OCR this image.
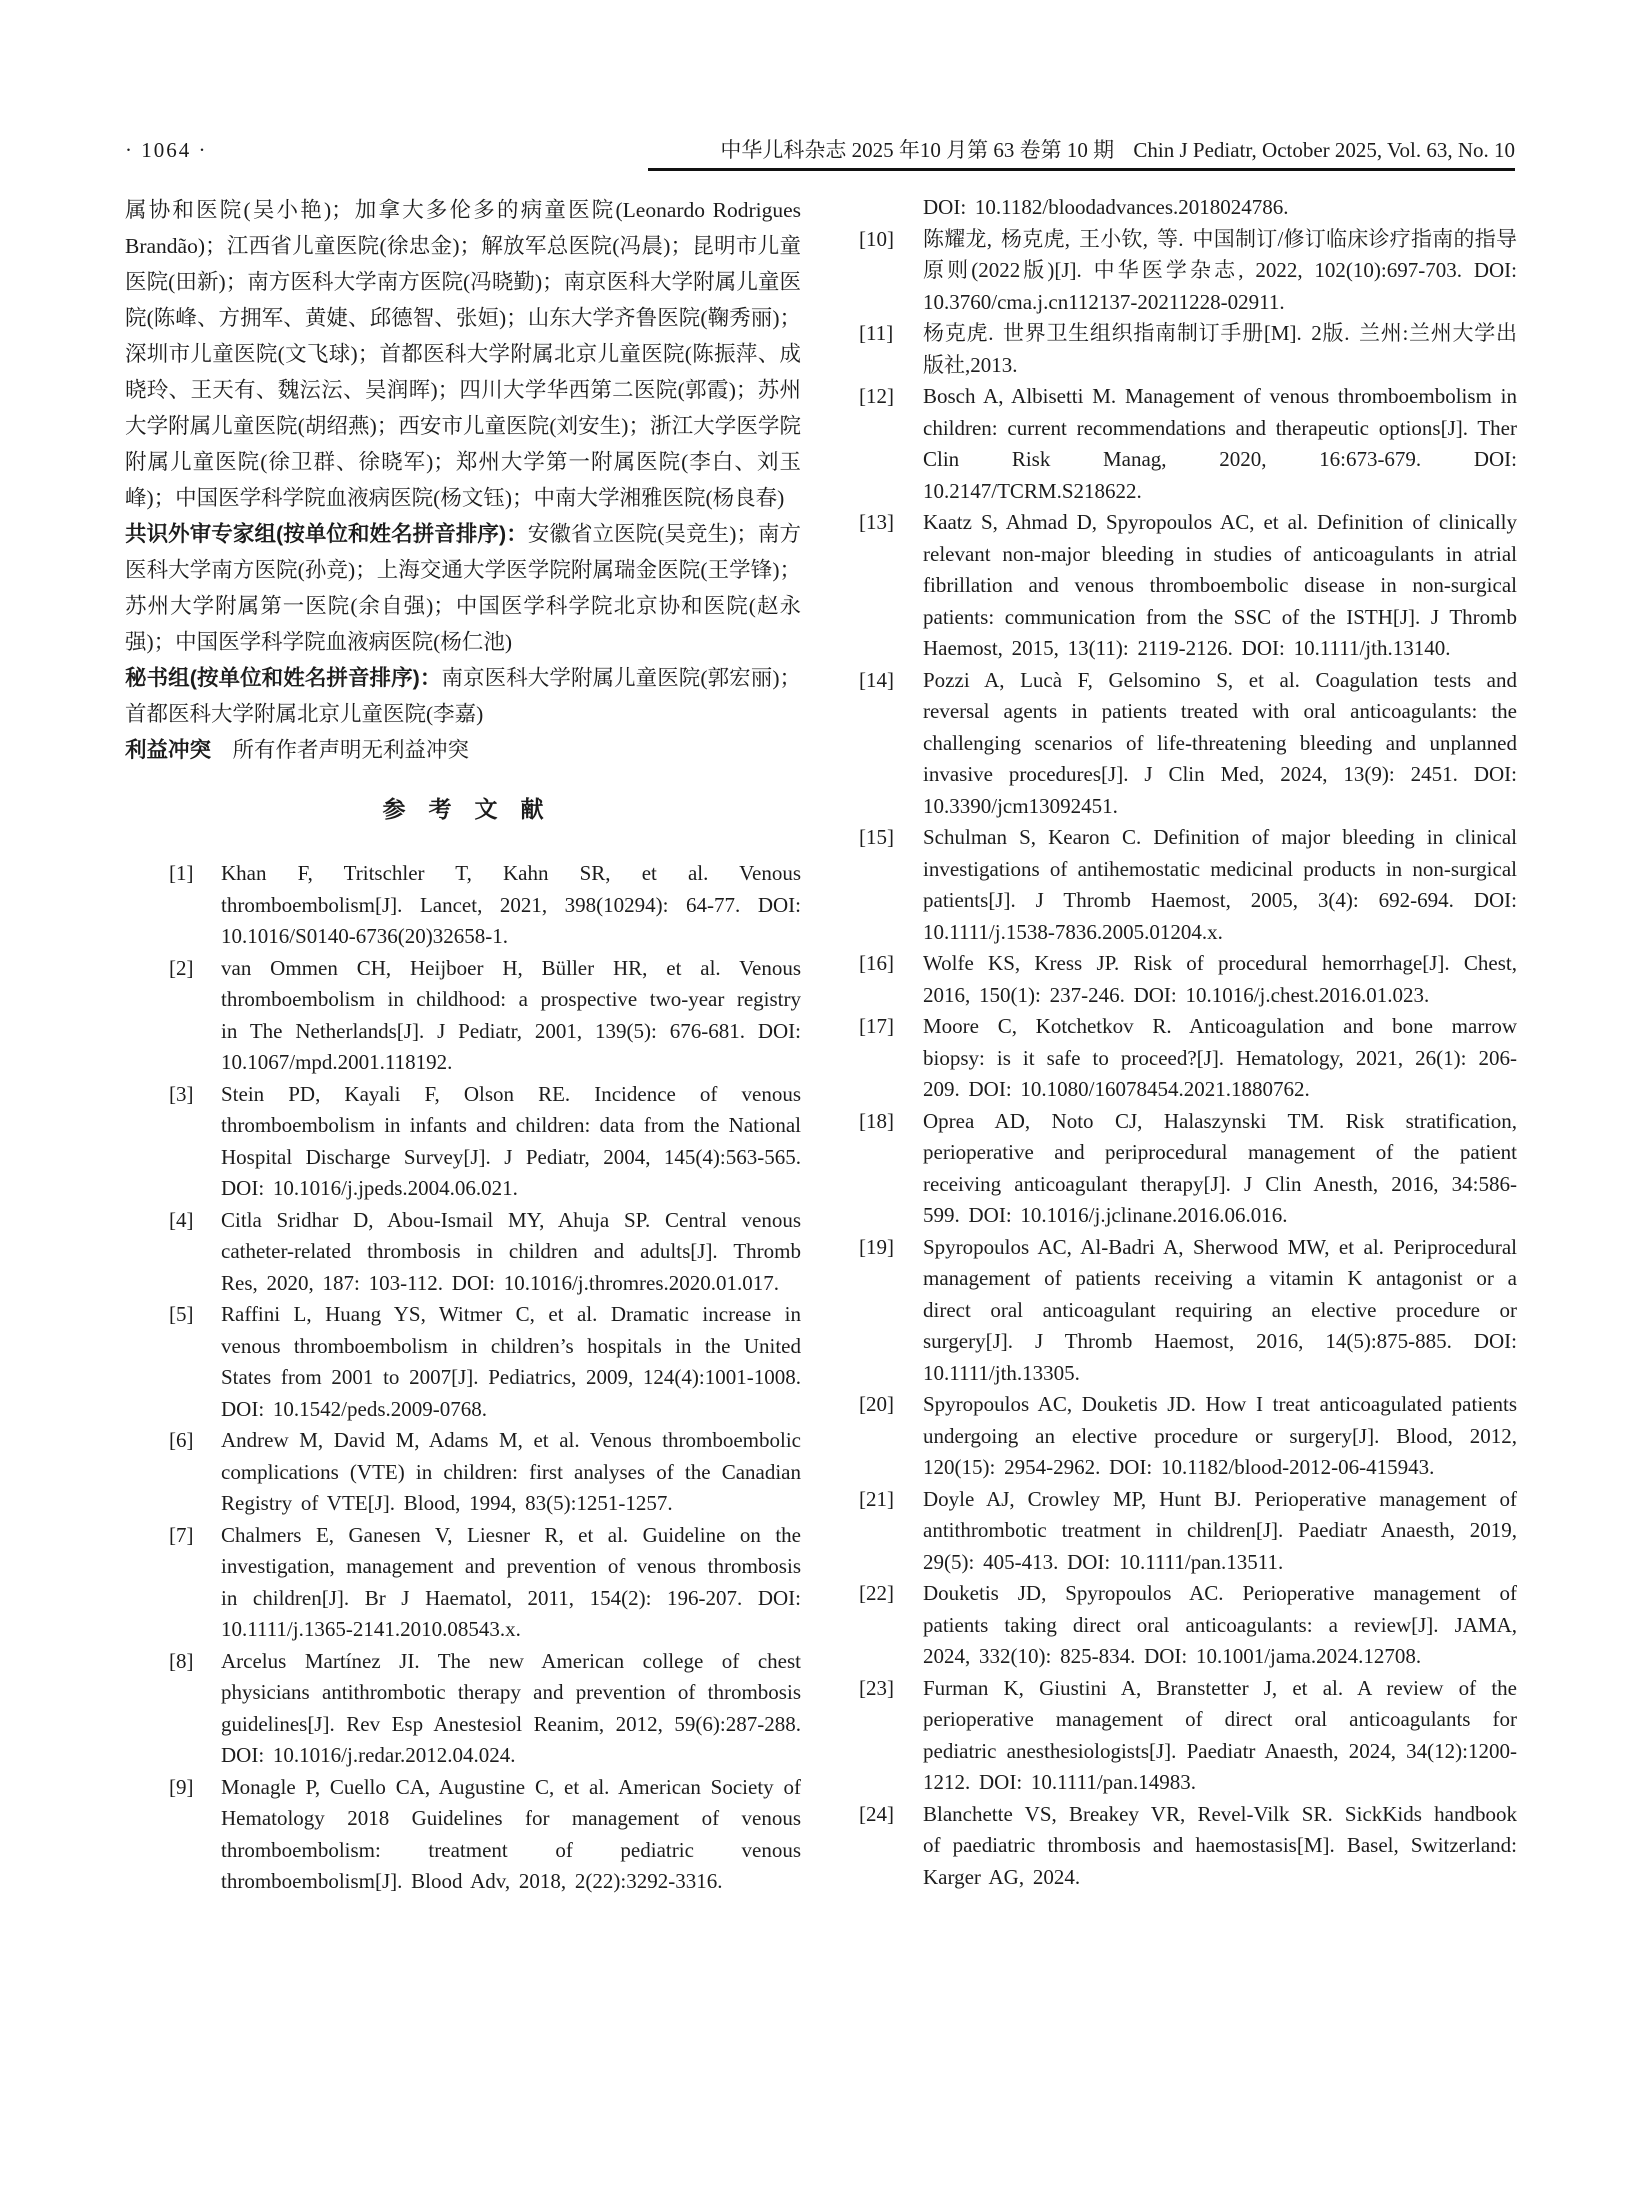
· 1064 ·	中华儿科杂志 2025 年10 月第 63 卷第 10 期 Chin J Pediatr, October 2025, Vol. 63, No. 10

属协和医院(吴小艳)；加拿大多伦多的病童医院(Leonardo Rodrigues Brandão)；江西省儿童医院(徐忠金)；解放军总医院(冯晨)；昆明市儿童医院(田新)；南方医科大学南方医院(冯晓勤)；南京医科大学附属儿童医院(陈峰、方拥军、黄婕、邱德智、张姮)；山东大学齐鲁医院(鞠秀丽)；深圳市儿童医院(文飞球)；首都医科大学附属北京儿童医院(陈振萍、成晓玲、王天有、魏沄沄、吴润晖)；四川大学华西第二医院(郭霞)；苏州大学附属儿童医院(胡绍燕)；西安市儿童医院(刘安生)；浙江大学医学院附属儿童医院(徐卫群、徐晓军)；郑州大学第一附属医院(李白、刘玉峰)；中国医学科学院血液病医院(杨文钰)；中南大学湘雅医院(杨良春)

共识外审专家组(按单位和姓名拼音排序)：安徽省立医院(吴竞生)；南方医科大学南方医院(孙竞)；上海交通大学医学院附属瑞金医院(王学锋)；苏州大学附属第一医院(余自强)；中国医学科学院北京协和医院(赵永强)；中国医学科学院血液病医院(杨仁池)

秘书组(按单位和姓名拼音排序)：南京医科大学附属儿童医院(郭宏丽)；首都医科大学附属北京儿童医院(李嘉)

利益冲突　所有作者声明无利益冲突

参　考　文　献
[1]	Khan F, Tritschler T, Kahn SR, et al. Venous thromboembolism[J]. Lancet, 2021, 398(10294): 64-77. DOI: 10.1016/S0140-6736(20)32658-1.
[2]	van Ommen CH, Heijboer H, Büller HR, et al. Venous thromboembolism in childhood: a prospective two-year registry in The Netherlands[J]. J Pediatr, 2001, 139(5): 676-681. DOI: 10.1067/mpd.2001.118192.
[3]	Stein PD, Kayali F, Olson RE. Incidence of venous thromboembolism in infants and children: data from the National Hospital Discharge Survey[J]. J Pediatr, 2004, 145(4):563-565. DOI: 10.1016/j.jpeds.2004.06.021.
[4]	Citla Sridhar D, Abou-Ismail MY, Ahuja SP. Central venous catheter-related thrombosis in children and adults[J]. Thromb Res, 2020, 187: 103-112. DOI: 10.1016/j.thromres.2020.01.017.
[5]	Raffini L, Huang YS, Witmer C, et al. Dramatic increase in venous thromboembolism in children’s hospitals in the United States from 2001 to 2007[J]. Pediatrics, 2009, 124(4):1001-1008. DOI: 10.1542/peds.2009-0768.
[6]	Andrew M, David M, Adams M, et al. Venous thromboembolic complications (VTE) in children: first analyses of the Canadian Registry of VTE[J]. Blood, 1994, 83(5):1251-1257.
[7]	Chalmers E, Ganesen V, Liesner R, et al. Guideline on the investigation, management and prevention of venous thrombosis in children[J]. Br J Haematol, 2011, 154(2): 196-207. DOI: 10.1111/j.1365-2141.2010.08543.x.
[8]	Arcelus Martínez JI. The new American college of chest physicians antithrombotic therapy and prevention of thrombosis guidelines[J]. Rev Esp Anestesiol Reanim, 2012, 59(6):287-288. DOI: 10.1016/j.redar.2012.04.024.
[9]	Monagle P, Cuello CA, Augustine C, et al. American Society of Hematology 2018 Guidelines for management of venous thromboembolism: treatment of pediatric venous thromboembolism[J]. Blood Adv, 2018, 2(22):3292-3316.
DOI: 10.1182/bloodadvances.2018024786.
[10]	陈耀龙, 杨克虎, 王小钦, 等. 中国制订/修订临床诊疗指南的指导原则(2022版)[J]. 中华医学杂志, 2022, 102(10):697-703. DOI: 10.3760/cma.j.cn112137-20211228-02911.
[11]	杨克虎. 世界卫生组织指南制订手册[M]. 2版. 兰州:兰州大学出版社,2013.
[12]	Bosch A, Albisetti M. Management of venous thromboembolism in children: current recommendations and therapeutic options[J]. Ther Clin Risk Manag, 2020, 16:673-679. DOI: 10.2147/TCRM.S218622.
[13]	Kaatz S, Ahmad D, Spyropoulos AC, et al. Definition of clinically relevant non-major bleeding in studies of anticoagulants in atrial fibrillation and venous thromboembolic disease in non-surgical patients: communication from the SSC of the ISTH[J]. J Thromb Haemost, 2015, 13(11): 2119-2126. DOI: 10.1111/jth.13140.
[14]	Pozzi A, Lucà F, Gelsomino S, et al. Coagulation tests and reversal agents in patients treated with oral anticoagulants: the challenging scenarios of life-threatening bleeding and unplanned invasive procedures[J]. J Clin Med, 2024, 13(9): 2451. DOI: 10.3390/jcm13092451.
[15]	Schulman S, Kearon C. Definition of major bleeding in clinical investigations of antihemostatic medicinal products in non-surgical patients[J]. J Thromb Haemost, 2005, 3(4): 692-694. DOI: 10.1111/j.1538-7836.2005.01204.x.
[16]	Wolfe KS, Kress JP. Risk of procedural hemorrhage[J]. Chest, 2016, 150(1): 237-246. DOI: 10.1016/j.chest.2016.01.023.
[17]	Moore C, Kotchetkov R. Anticoagulation and bone marrow biopsy: is it safe to proceed?[J]. Hematology, 2021, 26(1): 206-209. DOI: 10.1080/16078454.2021.1880762.
[18]	Oprea AD, Noto CJ, Halaszynski TM. Risk stratification, perioperative and periprocedural management of the patient receiving anticoagulant therapy[J]. J Clin Anesth, 2016, 34:586-599. DOI: 10.1016/j.jclinane.2016.06.016.
[19]	Spyropoulos AC, Al-Badri A, Sherwood MW, et al. Periprocedural management of patients receiving a vitamin K antagonist or a direct oral anticoagulant requiring an elective procedure or surgery[J]. J Thromb Haemost, 2016, 14(5):875-885. DOI: 10.1111/jth.13305.
[20]	Spyropoulos AC, Douketis JD. How I treat anticoagulated patients undergoing an elective procedure or surgery[J]. Blood, 2012, 120(15): 2954-2962. DOI: 10.1182/blood-2012-06-415943.
[21]	Doyle AJ, Crowley MP, Hunt BJ. Perioperative management of antithrombotic treatment in children[J]. Paediatr Anaesth, 2019, 29(5): 405-413. DOI: 10.1111/pan.13511.
[22]	Douketis JD, Spyropoulos AC. Perioperative management of patients taking direct oral anticoagulants: a review[J]. JAMA, 2024, 332(10): 825-834. DOI: 10.1001/jama.2024.12708.
[23]	Furman K, Giustini A, Branstetter J, et al. A review of the perioperative management of direct oral anticoagulants for pediatric anesthesiologists[J]. Paediatr Anaesth, 2024, 34(12):1200-1212. DOI: 10.1111/pan.14983.
[24]	Blanchette VS, Breakey VR, Revel-Vilk SR. SickKids handbook of paediatric thrombosis and haemostasis[M]. Basel, Switzerland: Karger AG, 2024.
